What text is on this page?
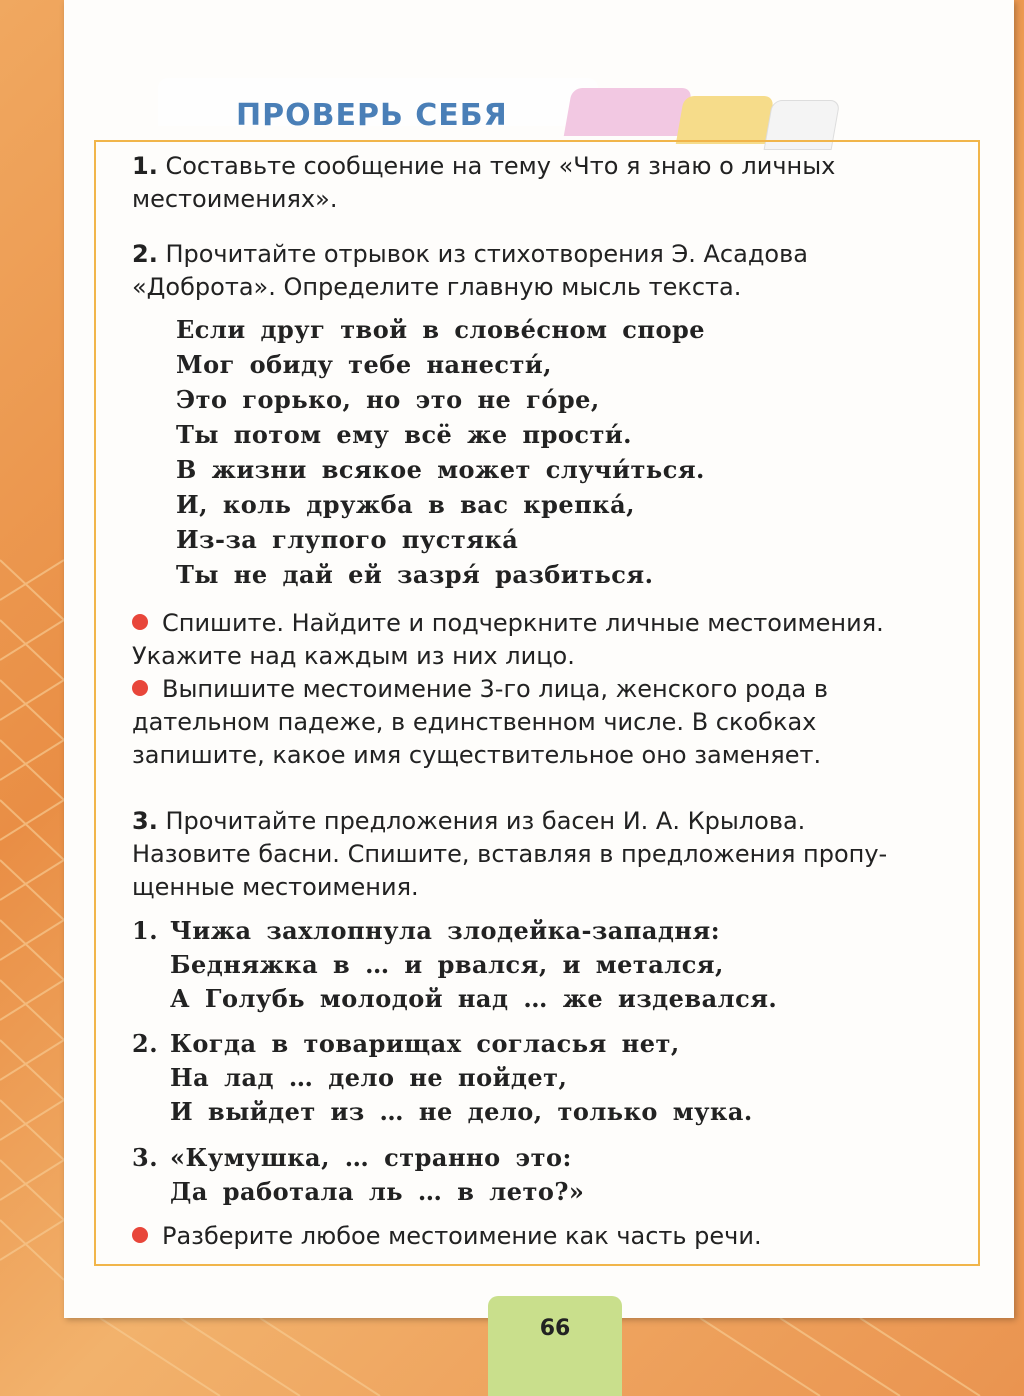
ПРОВЕРЬ СЕБЯ
1. Составьте сообщение на тему «Что я знаю о личных
местоимениях».
2. Прочитайте отрывок из стихотворения Э. Асадова
«Доброта». Определите главную мысль текста.
Если друг твой в слове́сном споре
Мог обиду тебе нанести́,
Это горько, но это не го́ре,
Ты потом ему всё же прости́.
В жизни всякое может случи́ться.
И, коль дружба в вас крепка́,
Из-за глупого пустяка́
Ты не дай ей зазря́ разбиться.
Спишите. Найдите и подчеркните личные местоимения.
Укажите над каждым из них лицо.
Выпишите местоимение 3-го лица, женского рода в
дательном падеже, в единственном числе. В скобках
запишите, какое имя существительное оно заменяет.
3. Прочитайте предложения из басен И. А. Крылова.
Назовите басни. Спишите, вставляя в предложения пропу-
щенные местоимения.
1. Чижа захлопнула злодейка-западня:
Бедняжка в … и рвался, и метался,
А Голубь молодой над … же издевался.
2. Когда в товарищах согласья нет,
На лад … дело не пойдет,
И выйдет из … не дело, только мука.
3. «Кумушка, … странно это:
Да работала ль … в лето?»
Разберите любое местоимение как часть речи.
66
